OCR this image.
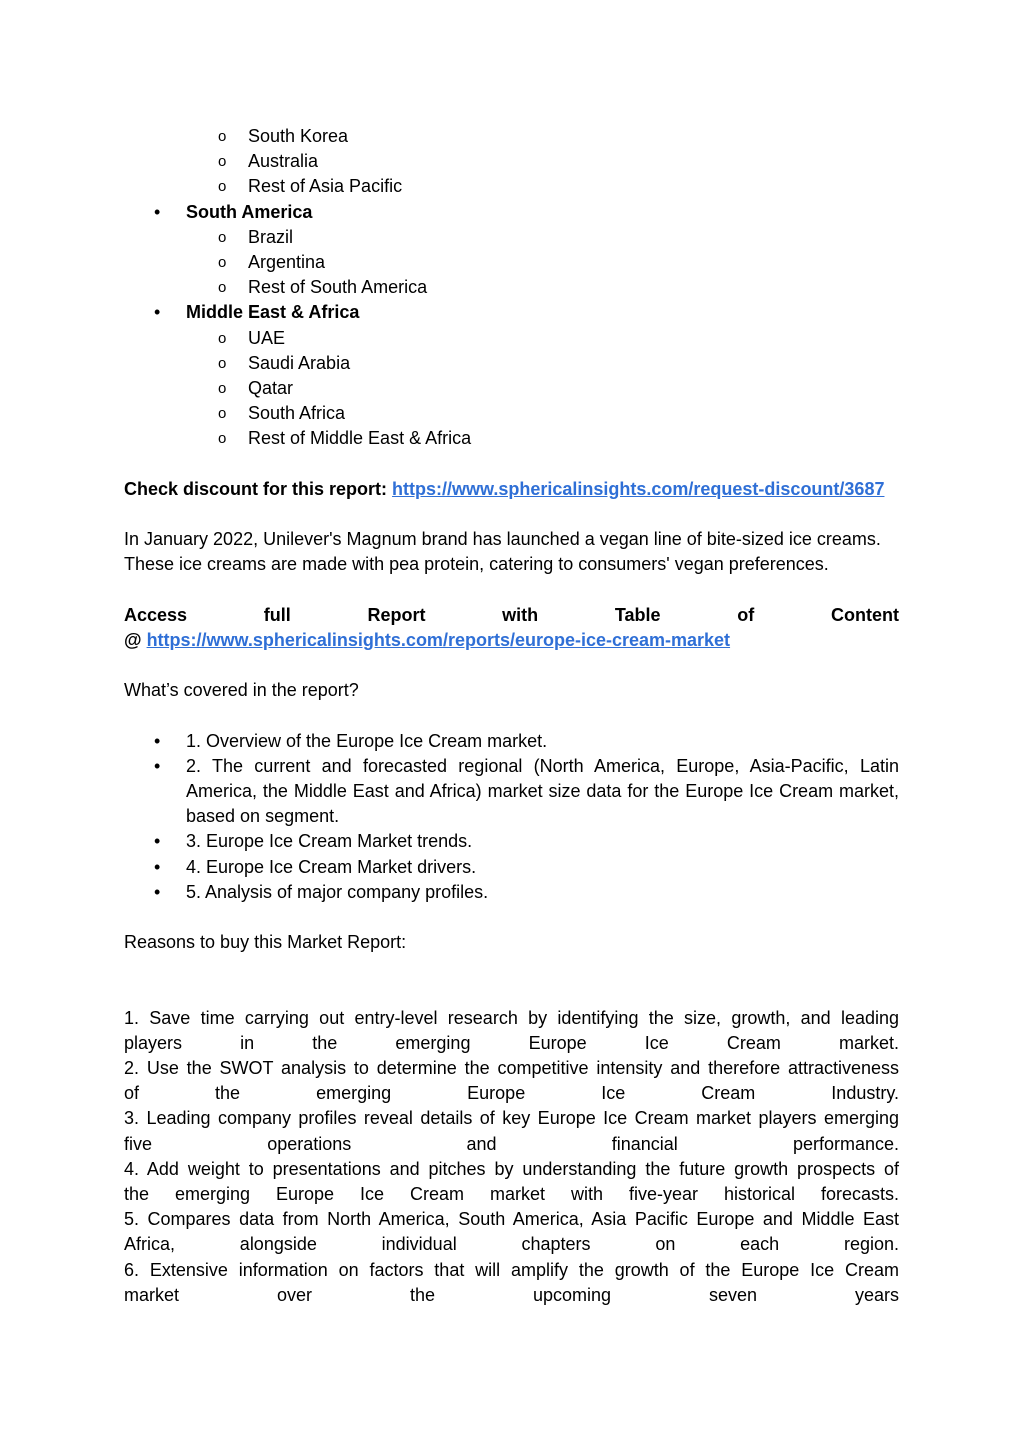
o South Korea
o Australia
o Rest of Asia Pacific
• South America
o Brazil
o Argentina
o Rest of South America
• Middle East & Africa
o UAE
o Saudi Arabia
o Qatar
o South Africa
o Rest of Middle East & Africa
Check discount for this report: https://www.sphericalinsights.com/request-discount/3687
In January 2022, Unilever's Magnum brand has launched a vegan line of bite-sized ice creams.
These ice creams are made with pea protein, catering to consumers' vegan preferences.
Access	full	Report	with	Table	of	Content
@ https://www.sphericalinsights.com/reports/europe-ice-cream-market
What’s covered in the report?
• 1. Overview of the Europe Ice Cream market.
• 2. The current and forecasted regional (North America, Europe, Asia-Pacific, Latin America, the Middle East and Africa) market size data for the Europe Ice Cream market, based on segment.
• 3. Europe Ice Cream Market trends.
• 4. Europe Ice Cream Market drivers.
• 5. Analysis of major company profiles.
Reasons to buy this Market Report:
1. Save time carrying out entry-level research by identifying the size, growth, and leading
players in the emerging Europe Ice Cream market.
2. Use the SWOT analysis to determine the competitive intensity and therefore attractiveness
of the emerging Europe Ice Cream Industry.
3. Leading company profiles reveal details of key Europe Ice Cream market players emerging
five operations and financial performance.
4. Add weight to presentations and pitches by understanding the future growth prospects of
the emerging Europe Ice Cream market with five-year historical forecasts.
5. Compares data from North America, South America, Asia Pacific Europe and Middle East
Africa, alongside individual chapters on each region.
6. Extensive information on factors that will amplify the growth of the Europe Ice Cream
market over the upcoming seven years
